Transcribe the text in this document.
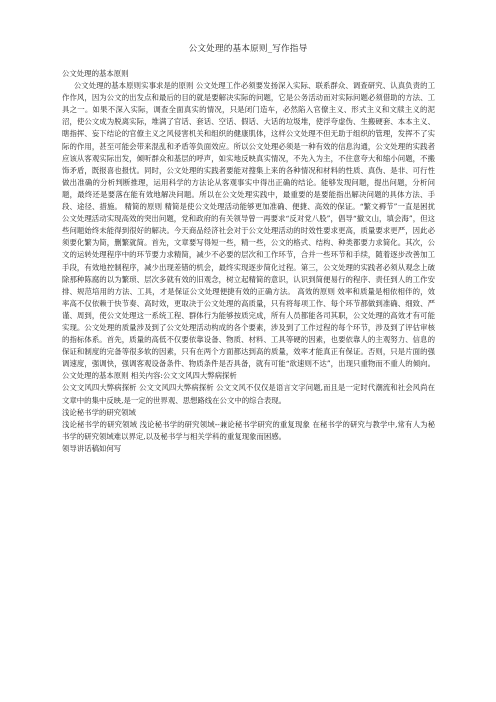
公文处理的基本原则_写作指导

公文处理的基本原则

公文处理的基本原则实事求是的原则 公文处理工作必须要发扬深入实际、联系群众、调查研究、认真负责的工作作风，因为公文的出发点和最后的目的就是要解决实际的问题，它是公务活动而对实际问题必须借助的方法、工具之一。如果不深入实际，调查全面真实的情况，只是闭门造车，必然陷入官僚主义、形式主义和文牍主义的泥沼，使公文成为脱离实际，堆满了官话、套话、空话、假话、大话的垃圾堆，使浮夸虚伪、生搬硬套、本本主义、瞎指挥、妄下结论的官僚主义之风侵害机关和组织的健康肌体，这样公文处理不但无助于组织的管理，发挥不了实际的作用，甚至可能会带来混乱和矛盾等负面效应。所以公文处理必须是一种有效的信息沟通，公文处理的实践者应该从客观实际出发，倾听群众和基层的呼声，如实地反映真实情况，不先入为主，不住意夸大和缩小问题，不搬饰矛盾，既报喜也报忧。同时，公文处理的实践者要能对搜集上来的各种情况和材料的性质、真伪、是非、可行性做出准确的分析判断推理，运用科学的方法论从客观事实中得出正确的结论。能够发现问题，提出问题，分析问题，最终还是要落在能有效地解决问题。所以在公文处理实践中，最重要的是要能指出解决问题的具体方法、手段、途径、措施。 精简的原则 精简是使公文处理活动能够更加准确、便捷、高效的保证。“繁文褥节”一直是困扰公文处理活动实现高效的突出问题，党和政府的有关领导曾一再要求“反对党八股”，倡导“撤文山，填会海”，但这些问题始终未能得到很好的解决。今天商品经济社会对于公文处理活动的时效性要求更高，质量要求更严，因此必须要化繁为简，删繁就简。首先，文章要写得短一些，精一些，公文的格式、结构、种类都要力求简化。其次，公文的运转处理程序中的环节要力求精简，减少不必要的层次和工作环节，合并一些环节和手续，随着逐步改善加工手段，有效地控制程序，减少出现差错的机会，最终实现逐步简化过程。第三，公文处理的实践者必须从观念上破除那种陈腐的以为繁琐、层次多就有效的旧观念，树立起精简的意识，认识到简便易行的程序、责任到人的工作安排、规范培用的方法、工具，才是保证公文处理便捷有效的正确方法。 高效的原则 效率和质量是相依相伴的，效率高不仅依赖于快节奏、高时效，更取决于公文处理的高质量，只有将每项工作、每个环节都做到准确、细致、严谨、周到，使公文处理这一系统工程、群体行为能够按质完成，所有人员都能各司其职，公文处理的高效才有可能实现。公文处理的质量涉及到了公文处理活动构成的各个要素，涉及到了工作过程的每个环节，涉及到了评估审核的指标体系。首先，质量的高低不仅要依靠设备、物质、材料、工具等硬的因素，也要依靠人的主观努力、信息的保证和制度的完备等很多软的因素，只有在两个方面都达到高的质量，效率才能真正有保证。否则，只是片面的强调速度，强调快，强调客观设备条件、物质条件是否具备，就有可能“欲速则不达”，出现只重物而不重人的倾向。公文处理的基本原则 相关内容:公文文风四大弊病探析

公文文风四大弊病探析 公文文风四大弊病探析 公文文风不仅仅是语言文字问题,而且是一定时代潮流和社会风尚在文章中的集中反映,是一定的世界观、思想路线在公文中的综合表现。

浅论秘书学的研究领域

浅论秘书学的研究领域 浅论秘书学的研究领域--兼论秘书学研究的重复现象 在秘书学的研究与教学中,常有人为秘书学的研究领域难以界定,以及秘书学与相关学科的重复现象而困感。

领导讲话稿如何写
